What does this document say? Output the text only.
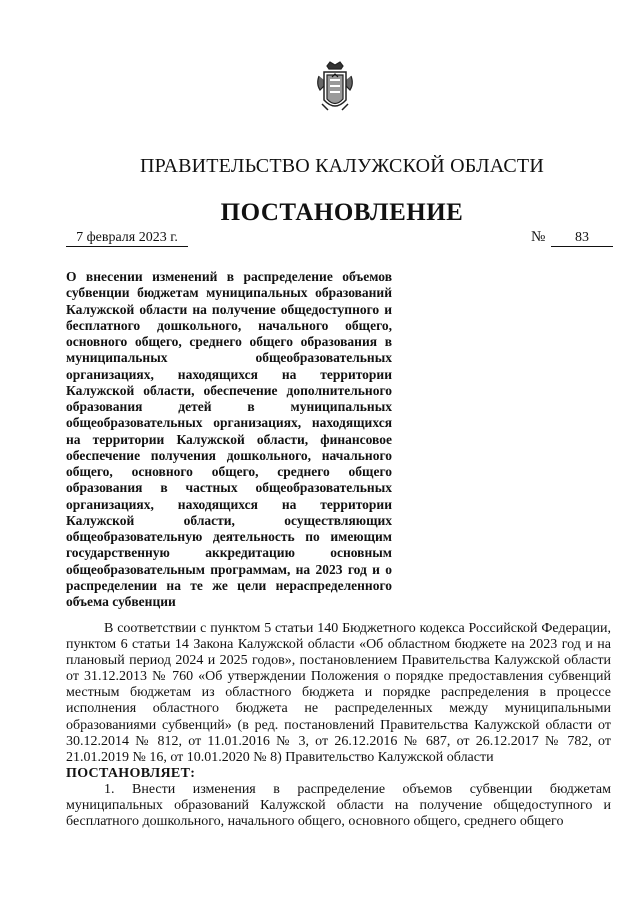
ПРАВИТЕЛЬСТВО КАЛУЖСКОЙ ОБЛАСТИ
ПОСТАНОВЛЕНИЕ
7 февраля 2023 г.	№	83
О внесении изменений в распределение объемов субвенции бюджетам муниципальных образований Калужской области на получение общедоступного и бесплатного дошкольного, начального общего, основного общего, среднего общего образования в муниципальных общеобразовательных организациях, находящихся на территории Калужской области, обеспечение дополнительного образования детей в муниципальных общеобразовательных организациях, находящихся на территории Калужской области, финансовое обеспечение получения дошкольного, начального общего, основного общего, среднего общего образования в частных общеобразовательных организациях, находящихся на территории Калужской области, осуществляющих общеобразовательную деятельность по имеющим государственную аккредитацию основным общеобразовательным программам, на 2023 год и о распределении на те же цели нераспределенного объема субвенции

В соответствии с пунктом 5 статьи 140 Бюджетного кодекса Российской Федерации, пунктом 6 статьи 14 Закона Калужской области «Об областном бюджете на 2023 год и на плановый период 2024 и 2025 годов», постановлением Правительства Калужской области от 31.12.2013 № 760 «Об утверждении Положения о порядке предоставления субвенций местным бюджетам из областного бюджета и порядке распределения в процессе исполнения областного бюджета не распределенных между муниципальными образованиями субвенций» (в ред. постановлений Правительства Калужской области от 30.12.2014 № 812, от 11.01.2016 № 3, от 26.12.2016 № 687, от 26.12.2017 № 782, от 21.01.2019 № 16, от 10.01.2020 № 8) Правительство Калужской области

ПОСТАНОВЛЯЕТ:

1. Внести изменения в распределение объемов субвенции бюджетам муниципальных образований Калужской области на получение общедоступного и бесплатного дошкольного, начального общего, основного общего, среднего общего
